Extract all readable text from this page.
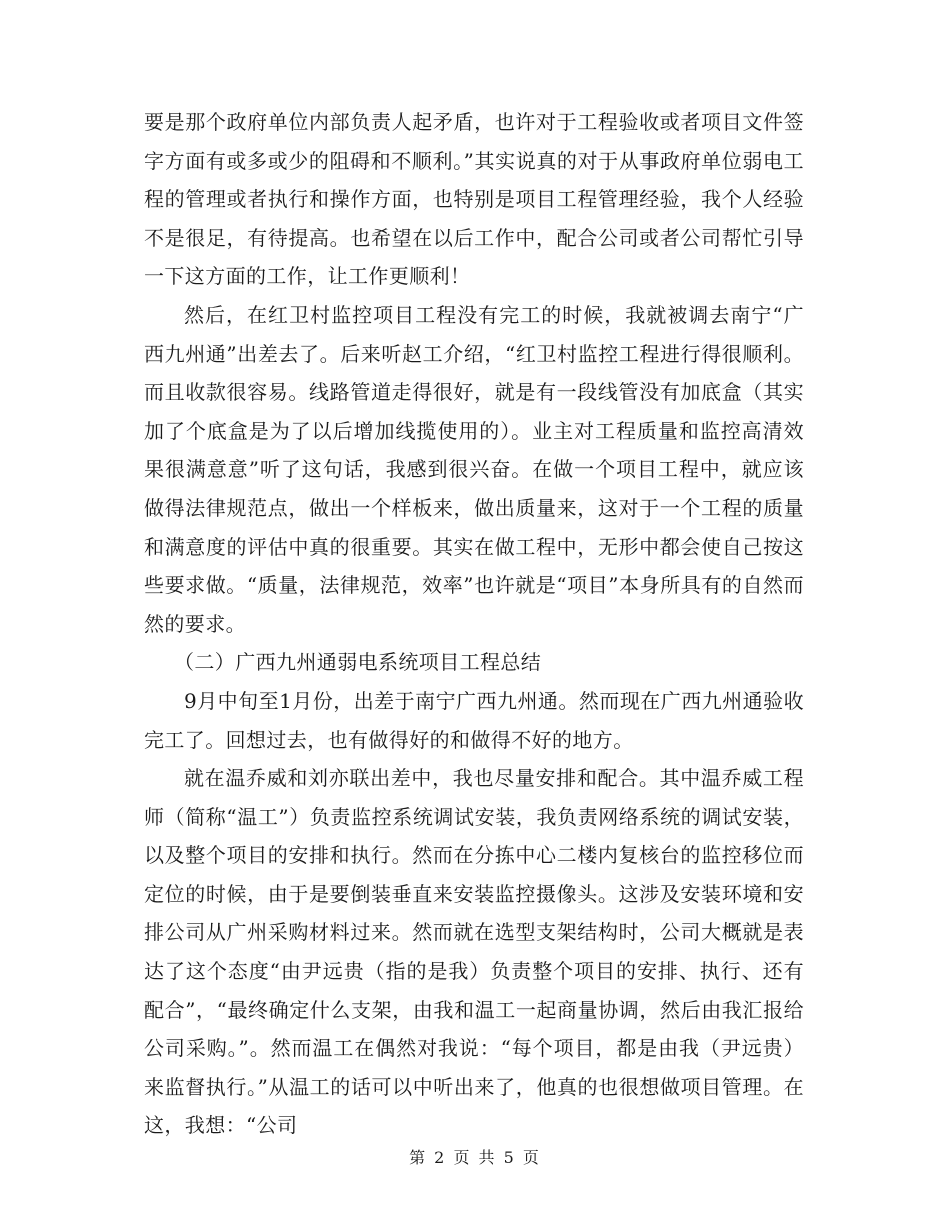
要是那个政府单位内部负责人起矛盾，也许对于工程验收或者项目文件签字方面有或多或少的阻碍和不顺利。”其实说真的对于从事政府单位弱电工程的管理或者执行和操作方面，也特别是项目工程管理经验，我个人经验不是很足，有待提高。也希望在以后工作中，配合公司或者公司帮忙引导一下这方面的工作，让工作更顺利！

然后，在红卫村监控项目工程没有完工的时候，我就被调去南宁“广西九州通”出差去了。后来听赵工介绍，“红卫村监控工程进行得很顺利。而且收款很容易。线路管道走得很好，就是有一段线管没有加底盒（其实加了个底盒是为了以后增加线揽使用的）。业主对工程质量和监控高清效果很满意意”听了这句话，我感到很兴奋。在做一个项目工程中，就应该做得法律规范点，做出一个样板来，做出质量来，这对于一个工程的质量和满意度的评估中真的很重要。其实在做工程中，无形中都会使自己按这些要求做。“质量，法律规范，效率”也许就是“项目”本身所具有的自然而然的要求。

（二）广西九州通弱电系统项目工程总结

9月中旬至1月份，出差于南宁广西九州通。然而现在广西九州通验收完工了。回想过去，也有做得好的和做得不好的地方。

就在温乔威和刘亦联出差中，我也尽量安排和配合。其中温乔威工程师（简称“温工”）负责监控系统调试安装，我负责网络系统的调试安装，以及整个项目的安排和执行。然而在分拣中心二楼内复核台的监控移位而定位的时候，由于是要倒装垂直来安装监控摄像头。这涉及安装环境和安排公司从广州采购材料过来。然而就在选型支架结构时，公司大概就是表达了这个态度“由尹远贵（指的是我）负责整个项目的安排、执行、还有配合”，“最终确定什么支架，由我和温工一起商量协调，然后由我汇报给公司采购。”。然而温工在偶然对我说：“每个项目，都是由我（尹远贵）来监督执行。”从温工的话可以中听出来了，他真的也很想做项目管理。在这，我想：“公司

第 2 页 共 5 页
